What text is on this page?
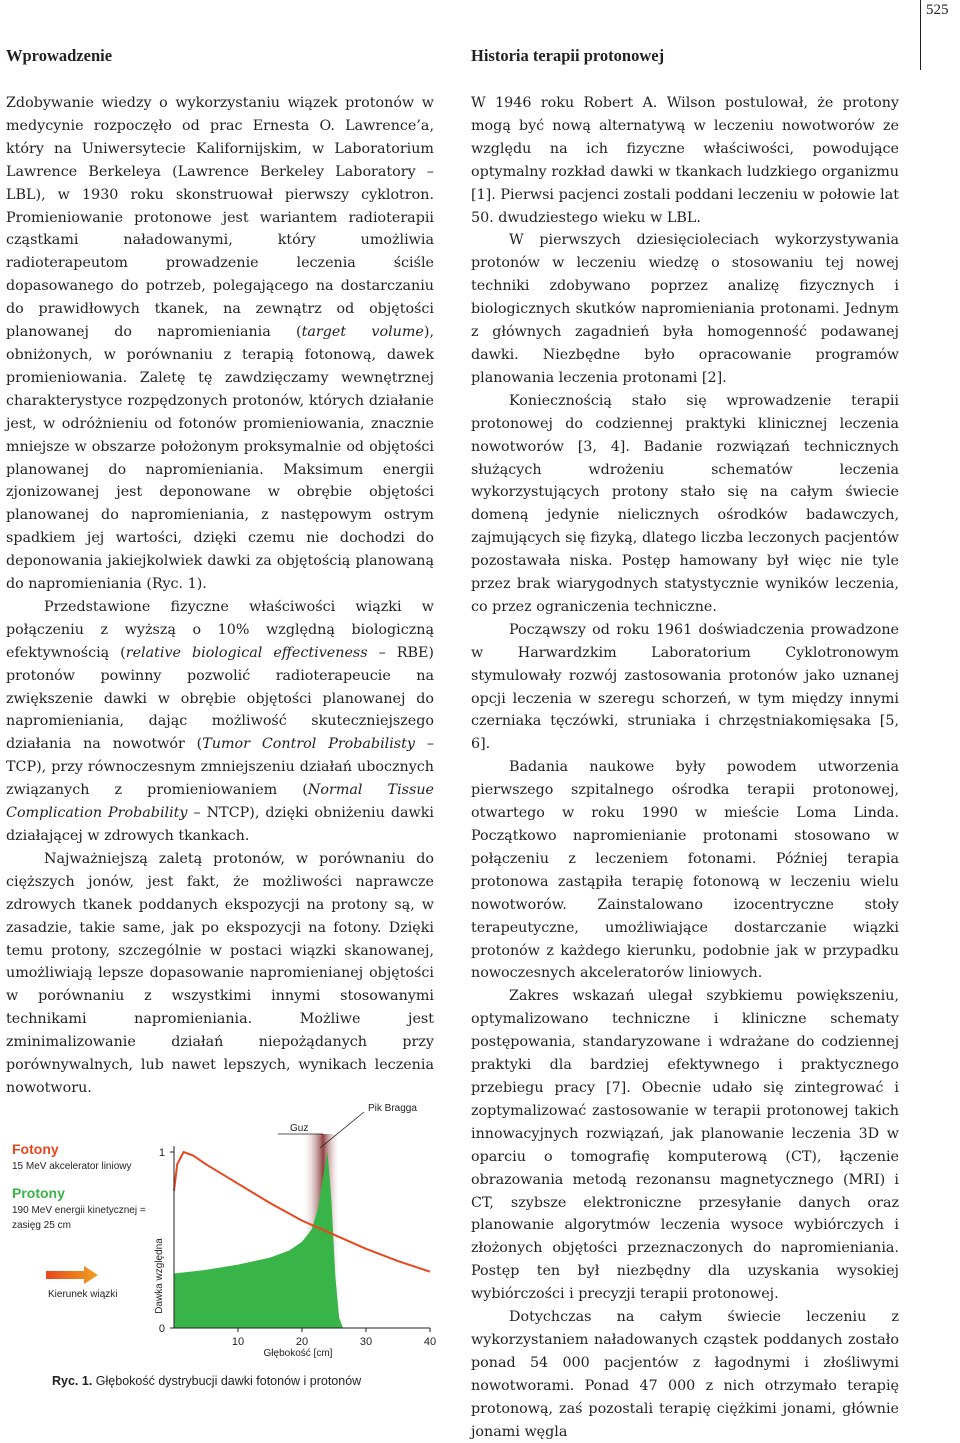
525
Wprowadzenie	Historia terapii protonowej

Zdobywanie wiedzy o wykorzystaniu wiązek protonów w medycynie rozpoczęło od prac Ernesta O. Lawrence’a, który na Uniwersytecie Kalifornijskim, w Laboratorium Lawrence Berkeleya (Lawrence Berkeley Laboratory – LBL), w 1930 roku skonstruował pierwszy cyklotron. Promieniowanie protonowe jest wariantem radioterapii cząstkami naładowanymi, który umożliwia radioterapeutom prowadzenie leczenia ściśle dopasowanego do potrzeb, polegającego na dostarczaniu do prawidłowych tkanek, na zewnątrz od objętości planowanej do napromieniania (target volume), obniżonych, w porównaniu z terapią fotonową, dawek promieniowania. Zaletę tę zawdzięczamy wewnętrznej charakterystyce rozpędzonych protonów, których działanie jest, w odróżnieniu od fotonów promieniowania, znacznie mniejsze w obszarze położonym proksymalnie od objętości planowanej do napromieniania. Maksimum energii zjonizowanej jest deponowane w obrębie objętości planowanej do napromieniania, z następowym ostrym spadkiem jej wartości, dzięki czemu nie dochodzi do deponowania jakiejkolwiek dawki za objętością planowaną do napromieniania (Ryc. 1).

Przedstawione fizyczne właściwości wiązki w połączeniu z wyższą o 10% względną biologiczną efektywnością (relative biological effectiveness – RBE) protonów powinny pozwolić radioterapeucie na zwiększenie dawki w obrębie objętości planowanej do napromieniania, dając możliwość skuteczniejszego działania na nowotwór (Tumor Control Probabilisty – TCP), przy równoczesnym zmniejszeniu działań ubocznych związanych z promieniowaniem (Normal Tissue Complication Probability – NTCP), dzięki obniżeniu dawki działającej w zdrowych tkankach.

Najważniejszą zaletą protonów, w porównaniu do cięższych jonów, jest fakt, że możliwości naprawcze zdrowych tkanek poddanych ekspozycji na protony są, w zasadzie, takie same, jak po ekspozycji na fotony. Dzięki temu protony, szczególnie w postaci wiązki skanowanej, umożliwiają lepsze dopasowanie napromienianej objętości w porównaniu z wszystkimi innymi stosowanymi technikami napromieniania. Możliwe jest zminimalizowanie działań niepożądanych przy porównywalnych, lub nawet lepszych, wynikach leczenia nowotworu.

W 1946 roku Robert A. Wilson postulował, że protony mogą być nową alternatywą w leczeniu nowotworów ze względu na ich fizyczne właściwości, powodujące optymalny rozkład dawki w tkankach ludzkiego organizmu [1]. Pierwsi pacjenci zostali poddani leczeniu w połowie lat 50. dwudziestego wieku w LBL.

W pierwszych dziesięcioleciach wykorzystywania protonów w leczeniu wiedzę o stosowaniu tej nowej techniki zdobywano poprzez analizę fizycznych i biologicznych skutków napromieniania protonami. Jednym z głównych zagadnień była homogenność podawanej dawki. Niezbędne było opracowanie programów planowania leczenia protonami [2].

Koniecznością stało się wprowadzenie terapii protonowej do codziennej praktyki klinicznej leczenia nowotworów [3, 4]. Badanie rozwiązań technicznych służących wdrożeniu schematów leczenia wykorzystujących protony stało się na całym świecie domeną jedynie nielicznych ośrodków badawczych, zajmujących się fizyką, dlatego liczba leczonych pacjentów pozostawała niska. Postęp hamowany był więc nie tyle przez brak wiarygodnych statystycznie wyników leczenia, co przez ograniczenia techniczne.

Począwszy od roku 1961 doświadczenia prowadzone w Harwardzkim Laboratorium Cyklotronowym stymulowały rozwój zastosowania protonów jako uznanej opcji leczenia w szeregu schorzeń, w tym między innymi czerniaka tęczówki, struniaka i chrzęstniakomięsaka [5, 6].

Badania naukowe były powodem utworzenia pierwszego szpitalnego ośrodka terapii protonowej, otwartego w roku 1990 w mieście Loma Linda. Początkowo napromienianie protonami stosowano w połączeniu z leczeniem fotonami. Później terapia protonowa zastąpiła terapię fotonową w leczeniu wielu nowotworów. Zainstalowano izocentryczne stoły terapeutyczne, umożliwiające dostarczanie wiązki protonów z każdego kierunku, podobnie jak w przypadku nowoczesnych akceleratorów liniowych.

Zakres wskazań ulegał szybkiemu powiększeniu, optymalizowano techniczne i kliniczne schematy postępowania, standaryzowane i wdrażane do codziennej praktyki dla bardziej efektywnego i praktycznego przebiegu pracy [7]. Obecnie udało się zintegrować i zoptymalizować zastosowanie w terapii protonowej takich innowacyjnych rozwiązań, jak planowanie leczenia 3D w oparciu o tomografię komputerową (CT), łączenie obrazowania metodą rezonansu magnetycznego (MRI) i CT, szybsze elektroniczne przesyłanie danych oraz planowanie algorytmów leczenia wysoce wybiórczych i złożonych objętości przeznaczonych do napromieniania. Postęp ten był niezbędny dla uzyskania wysokiej wybiórczości i precyzji terapii protonowej.

Dotychczas na całym świecie leczeniu z wykorzystaniem naładowanych cząstek poddanych zostało ponad 54 000 pacjentów z łagodnymi i złośliwymi nowotworami. Ponad 47 000 z nich otrzymało terapię protonową, zaś pozostali terapię ciężkimi jonami, głównie jonami węgla

Fotony
15 MeV akcelerator liniowy
Protony
190 MeV energii kinetycznej =
zasięg 25 cm
Kierunek wiązki	Dawka względna
0
1
10	20	30	40
Pik Bragga
Guz
Głębokość [cm]
Ryc. 1. Głębokość dystrybucji dawki fotonów i protonów
